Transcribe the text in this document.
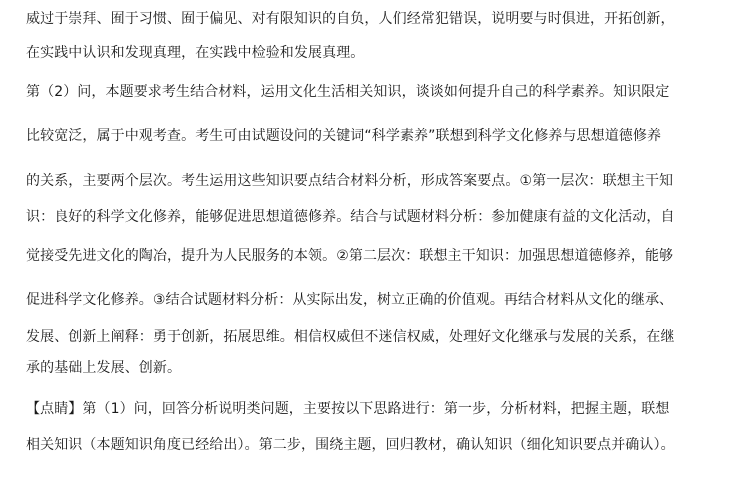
威过于崇拜、囿于习惯、囿于偏见、对有限知识的自负，人们经常犯错误，说明要与时俱进，开拓创新，
在实践中认识和发现真理，在实践中检验和发展真理。
第（2）问，本题要求考生结合材料，运用文化生活相关知识，谈谈如何提升自己的科学素养。知识限定
比较宽泛，属于中观考查。考生可由试题设问的关键词“科学素养”联想到科学文化修养与思想道德修养
的关系，主要两个层次。考生运用这些知识要点结合材料分析，形成答案要点。①第一层次：联想主干知
识：良好的科学文化修养，能够促进思想道德修养。结合与试题材料分析：参加健康有益的文化活动，自
觉接受先进文化的陶冶，提升为人民服务的本领。②第二层次：联想主干知识：加强思想道德修养，能够
促进科学文化修养。③结合试题材料分析：从实际出发，树立正确的价值观。再结合材料从文化的继承、
发展、创新上阐释：勇于创新，拓展思维。相信权威但不迷信权威，处理好文化继承与发展的关系，在继
承的基础上发展、创新。
【点睛】第（1）问，回答分析说明类问题，主要按以下思路进行：第一步，分析材料，把握主题，联想
相关知识（本题知识角度已经给出）。第二步，围绕主题，回归教材，确认知识（细化知识要点并确认）。
